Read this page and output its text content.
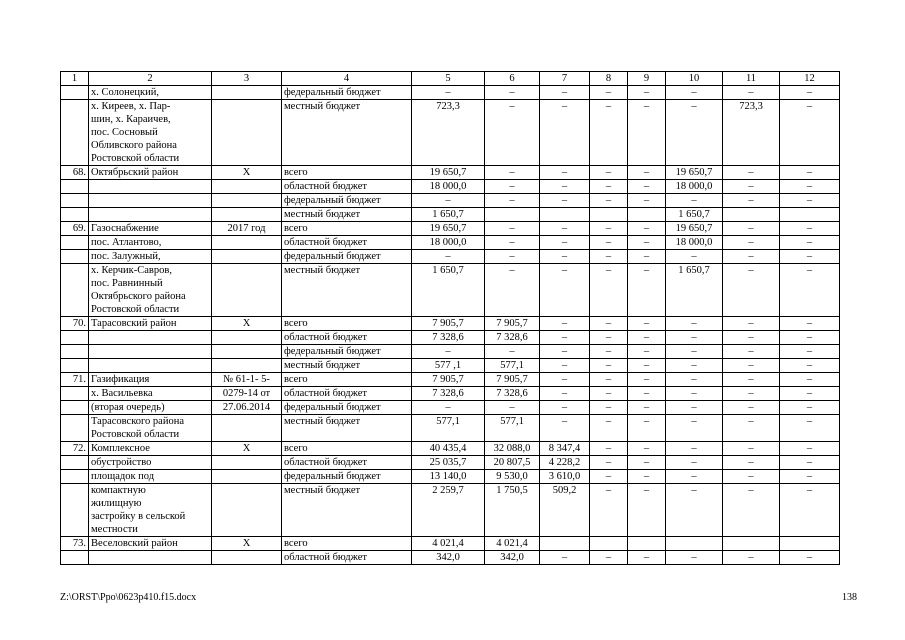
1	2	3	4	5	6	7	8	9	10	11	12
	х. Солонецкий,		федеральный бюджет	–	–	–	–	–	–	–	–
	х. Киреев, х. Пар-
шин, х. Караичев,
пос. Сосновый
Обливского района
Ростовской области		местный бюджет	723,3	–	–	–	–	–	723,3	–
68.	Октябрьский район	Х	всего	19 650,7	–	–	–	–	19 650,7	–	–
			областной бюджет	18 000,0	–	–	–	–	18 000,0	–	–
			федеральный бюджет	–	–	–	–	–	–	–	–
			местный бюджет	1 650,7					1 650,7		
69.	Газоснабжение	2017 год	всего	19 650,7	–	–	–	–	19 650,7	–	–
	пос. Атлантово,		областной бюджет	18 000,0	–	–	–	–	18 000,0	–	–
	пос. Залужный,		федеральный бюджет	–	–	–	–	–	–	–	–
	х. Керчик-Савров,
пос. Равнинный
Октябрьского района
Ростовской области		местный бюджет	1 650,7	–	–	–	–	1 650,7	–	–
70.	Тарасовский район	Х	всего	7 905,7	7 905,7	–	–	–	–	–	–
			областной бюджет	7 328,6	7 328,6	–	–	–	–	–	–
			федеральный бюджет	–	–	–	–	–	–	–	–
			местный бюджет	577 ,1	577,1	–	–	–	–	–	–
71.	Газификация	№ 61-1- 5-	всего	7 905,7	7 905,7	–	–	–	–	–	–
	х. Васильевка	0279-14 от	областной бюджет	7 328,6	7 328,6	–	–	–	–	–	–
	(вторая очередь)	27.06.2014	федеральный бюджет	–	–	–	–	–	–	–	–
	Тарасовского района
Ростовской области		местный бюджет	577,1	577,1	–	–	–	–	–	–
72.	Комплексное	Х	всего	40 435,4	32 088,0	8 347,4	–	–	–	–	–
	обустройство		областной бюджет	25 035,7	20 807,5	4 228,2	–	–	–	–	–
	площадок под		федеральный бюджет	13 140,0	9 530,0	3 610,0	–	–	–	–	–
	компактную
жилищную
застройку в сельской
местности		местный бюджет	2 259,7	1 750,5	509,2	–	–	–	–	–
73.	Веселовский район	Х	всего	4 021,4	4 021,4						
			областной бюджет	342,0	342,0	–	–	–	–	–	–
Z:\ORST\Ppo\0623p410.f15.docx	138
